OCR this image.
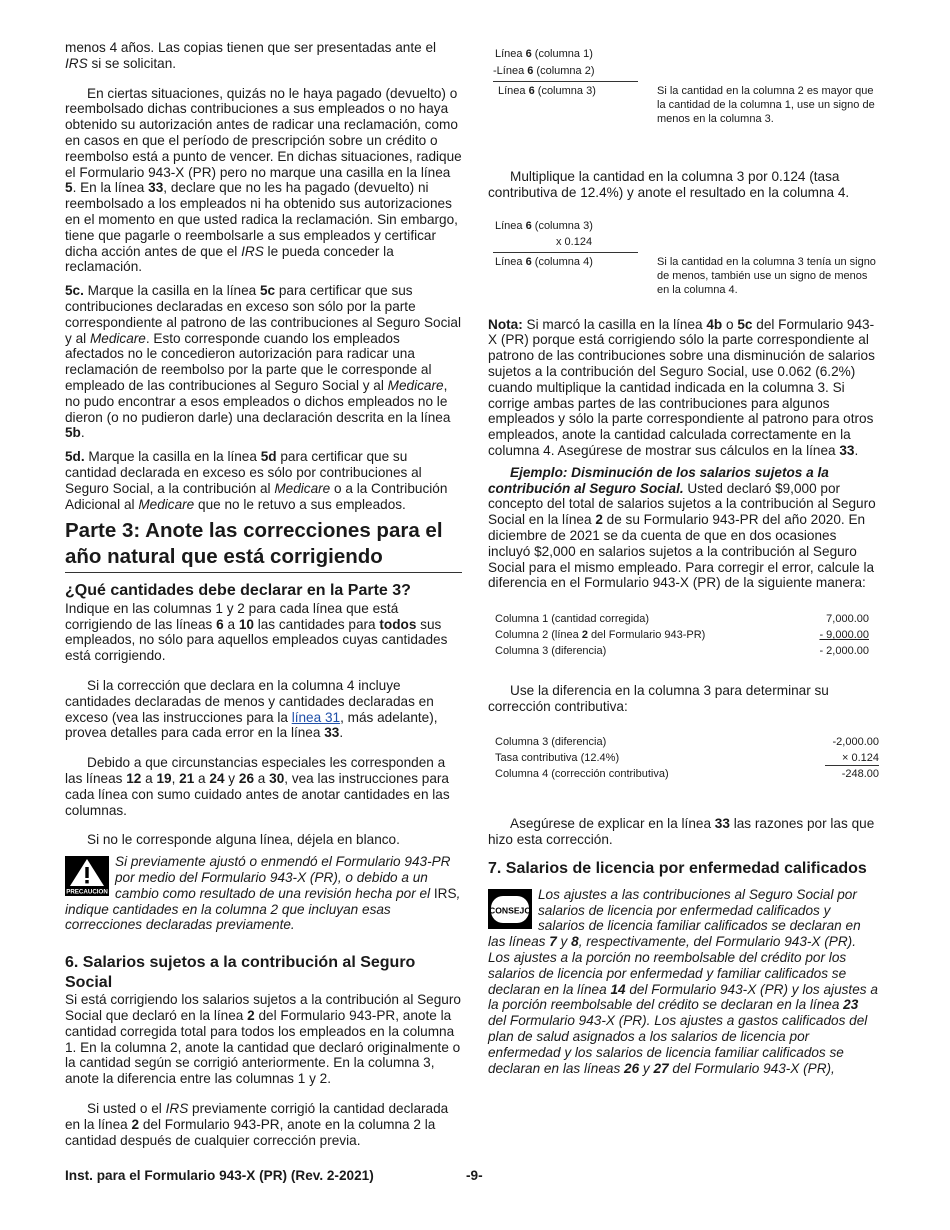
menos 4 años. Las copias tienen que ser presentadas ante el IRS si se solicitan.

En ciertas situaciones, quizás no le haya pagado (devuelto) o reembolsado dichas contribuciones a sus empleados o no haya obtenido su autorización antes de radicar una reclamación, como en casos en que el período de prescripción sobre un crédito o reembolso está a punto de vencer. En dichas situaciones, radique el Formulario 943-X (PR) pero no marque una casilla en la línea 5. En la línea 33, declare que no les ha pagado (devuelto) ni reembolsado a los empleados ni ha obtenido sus autorizaciones en el momento en que usted radica la reclamación. Sin embargo, tiene que pagarle o reembolsarle a sus empleados y certificar dicha acción antes de que el IRS le pueda conceder la reclamación.

5c. Marque la casilla en la línea 5c para certificar que sus contribuciones declaradas en exceso son sólo por la parte correspondiente al patrono de las contribuciones al Seguro Social y al Medicare. Esto corresponde cuando los empleados afectados no le concedieron autorización para radicar una reclamación de reembolso por la parte que le corresponde al empleado de las contribuciones al Seguro Social y al Medicare, no pudo encontrar a esos empleados o dichos empleados no le dieron (o no pudieron darle) una declaración descrita en la línea 5b.

5d. Marque la casilla en la línea 5d para certificar que su cantidad declarada en exceso es sólo por contribuciones al Seguro Social, a la contribución al Medicare o a la Contribución Adicional al Medicare que no le retuvo a sus empleados.

Parte 3: Anote las correcciones para el año natural que está corrigiendo
¿Qué cantidades debe declarar en la Parte 3?

Indique en las columnas 1 y 2 para cada línea que está corrigiendo de las líneas 6 a 10 las cantidades para todos sus empleados, no sólo para aquellos empleados cuyas cantidades está corrigiendo.

Si la corrección que declara en la columna 4 incluye cantidades declaradas de menos y cantidades declaradas en exceso (vea las instrucciones para la línea 31, más adelante), provea detalles para cada error en la línea 33.

Debido a que circunstancias especiales les corresponden a las líneas 12 a 19, 21 a 24 y 26 a 30, vea las instrucciones para cada línea con sumo cuidado antes de anotar cantidades en las columnas.

Si no le corresponde alguna línea, déjela en blanco.

PRECAUCION

Si previamente ajustó o enmendó el Formulario 943-PR por medio del Formulario 943-X (PR), o debido a un cambio como resultado de una revisión hecha por el IRS, indique cantidades en la columna 2 que incluyan esas correcciones declaradas previamente.

6. Salarios sujetos a la contribución al Seguro Social

Si está corrigiendo los salarios sujetos a la contribución al Seguro Social que declaró en la línea 2 del Formulario 943-PR, anote la cantidad corregida total para todos los empleados en la columna 1. En la columna 2, anote la cantidad que declaró originalmente o la cantidad según se corrigió anteriormente. En la columna 3, anote la diferencia entre las columnas 1 y 2.

Si usted o el IRS previamente corrigió la cantidad declarada en la línea 2 del Formulario 943-PR, anote en la columna 2 la cantidad después de cualquier corrección previa.

Línea 6 (columna 1)
-Línea 6 (columna 2)
Línea 6 (columna 3)	Si la cantidad en la columna 2 es mayor que la cantidad de la columna 1, use un signo de menos en la columna 3.

Multiplique la cantidad en la columna 3 por 0.124 (tasa contributiva de 12.4%) y anote el resultado en la columna 4.

Línea 6 (columna 3)
x 0.124
Línea 6 (columna 4)	Si la cantidad en la columna 3 tenía un signo de menos, también use un signo de menos en la columna 4.

Nota: Si marcó la casilla en la línea 4b o 5c del Formulario 943-X (PR) porque está corrigiendo sólo la parte correspondiente al patrono de las contribuciones sobre una disminución de salarios sujetos a la contribución del Seguro Social, use 0.062 (6.2%) cuando multiplique la cantidad indicada en la columna 3. Si corrige ambas partes de las contribuciones para algunos empleados y sólo la parte correspondiente al patrono para otros empleados, anote la cantidad calculada correctamente en la columna 4. Asegúrese de mostrar sus cálculos en la línea 33.

Ejemplo: Disminución de los salarios sujetos a la contribución al Seguro Social. Usted declaró $9,000 por concepto del total de salarios sujetos a la contribución al Seguro Social en la línea 2 de su Formulario 943-PR del año 2020. En diciembre de 2021 se da cuenta de que en dos ocasiones incluyó $2,000 en salarios sujetos a la contribución al Seguro Social para el mismo empleado. Para corregir el error, calcule la diferencia en el Formulario 943-X (PR) de la siguiente manera:

Columna 1 (cantidad corregida)	7,000.00
Columna 2 (línea 2 del Formulario 943-PR)	- 9,000.00
Columna 3 (diferencia)	- 2,000.00

Use la diferencia en la columna 3 para determinar su corrección contributiva:

Columna 3 (diferencia)	-2,000.00
Tasa contributiva (12.4%)	× 0.124
Columna 4 (corrección contributiva)	-248.00

Asegúrese de explicar en la línea 33 las razones por las que hizo esta corrección.

7. Salarios de licencia por enfermedad calificados
CONSEJO

Los ajustes a las contribuciones al Seguro Social por salarios de licencia por enfermedad calificados y salarios de licencia familiar calificados se declaran en las líneas 7 y 8, respectivamente, del Formulario 943-X (PR). Los ajustes a la porción no reembolsable del crédito por los salarios de licencia por enfermedad y familiar calificados se declaran en la línea 14 del Formulario 943-X (PR) y los ajustes a la porción reembolsable del crédito se declaran en la línea 23 del Formulario 943-X (PR). Los ajustes a gastos calificados del plan de salud asignados a los salarios de licencia por enfermedad y los salarios de licencia familiar calificados se declaran en las líneas 26 y 27 del Formulario 943-X (PR),

Inst. para el Formulario 943-X (PR) (Rev. 2-2021)	-9-
